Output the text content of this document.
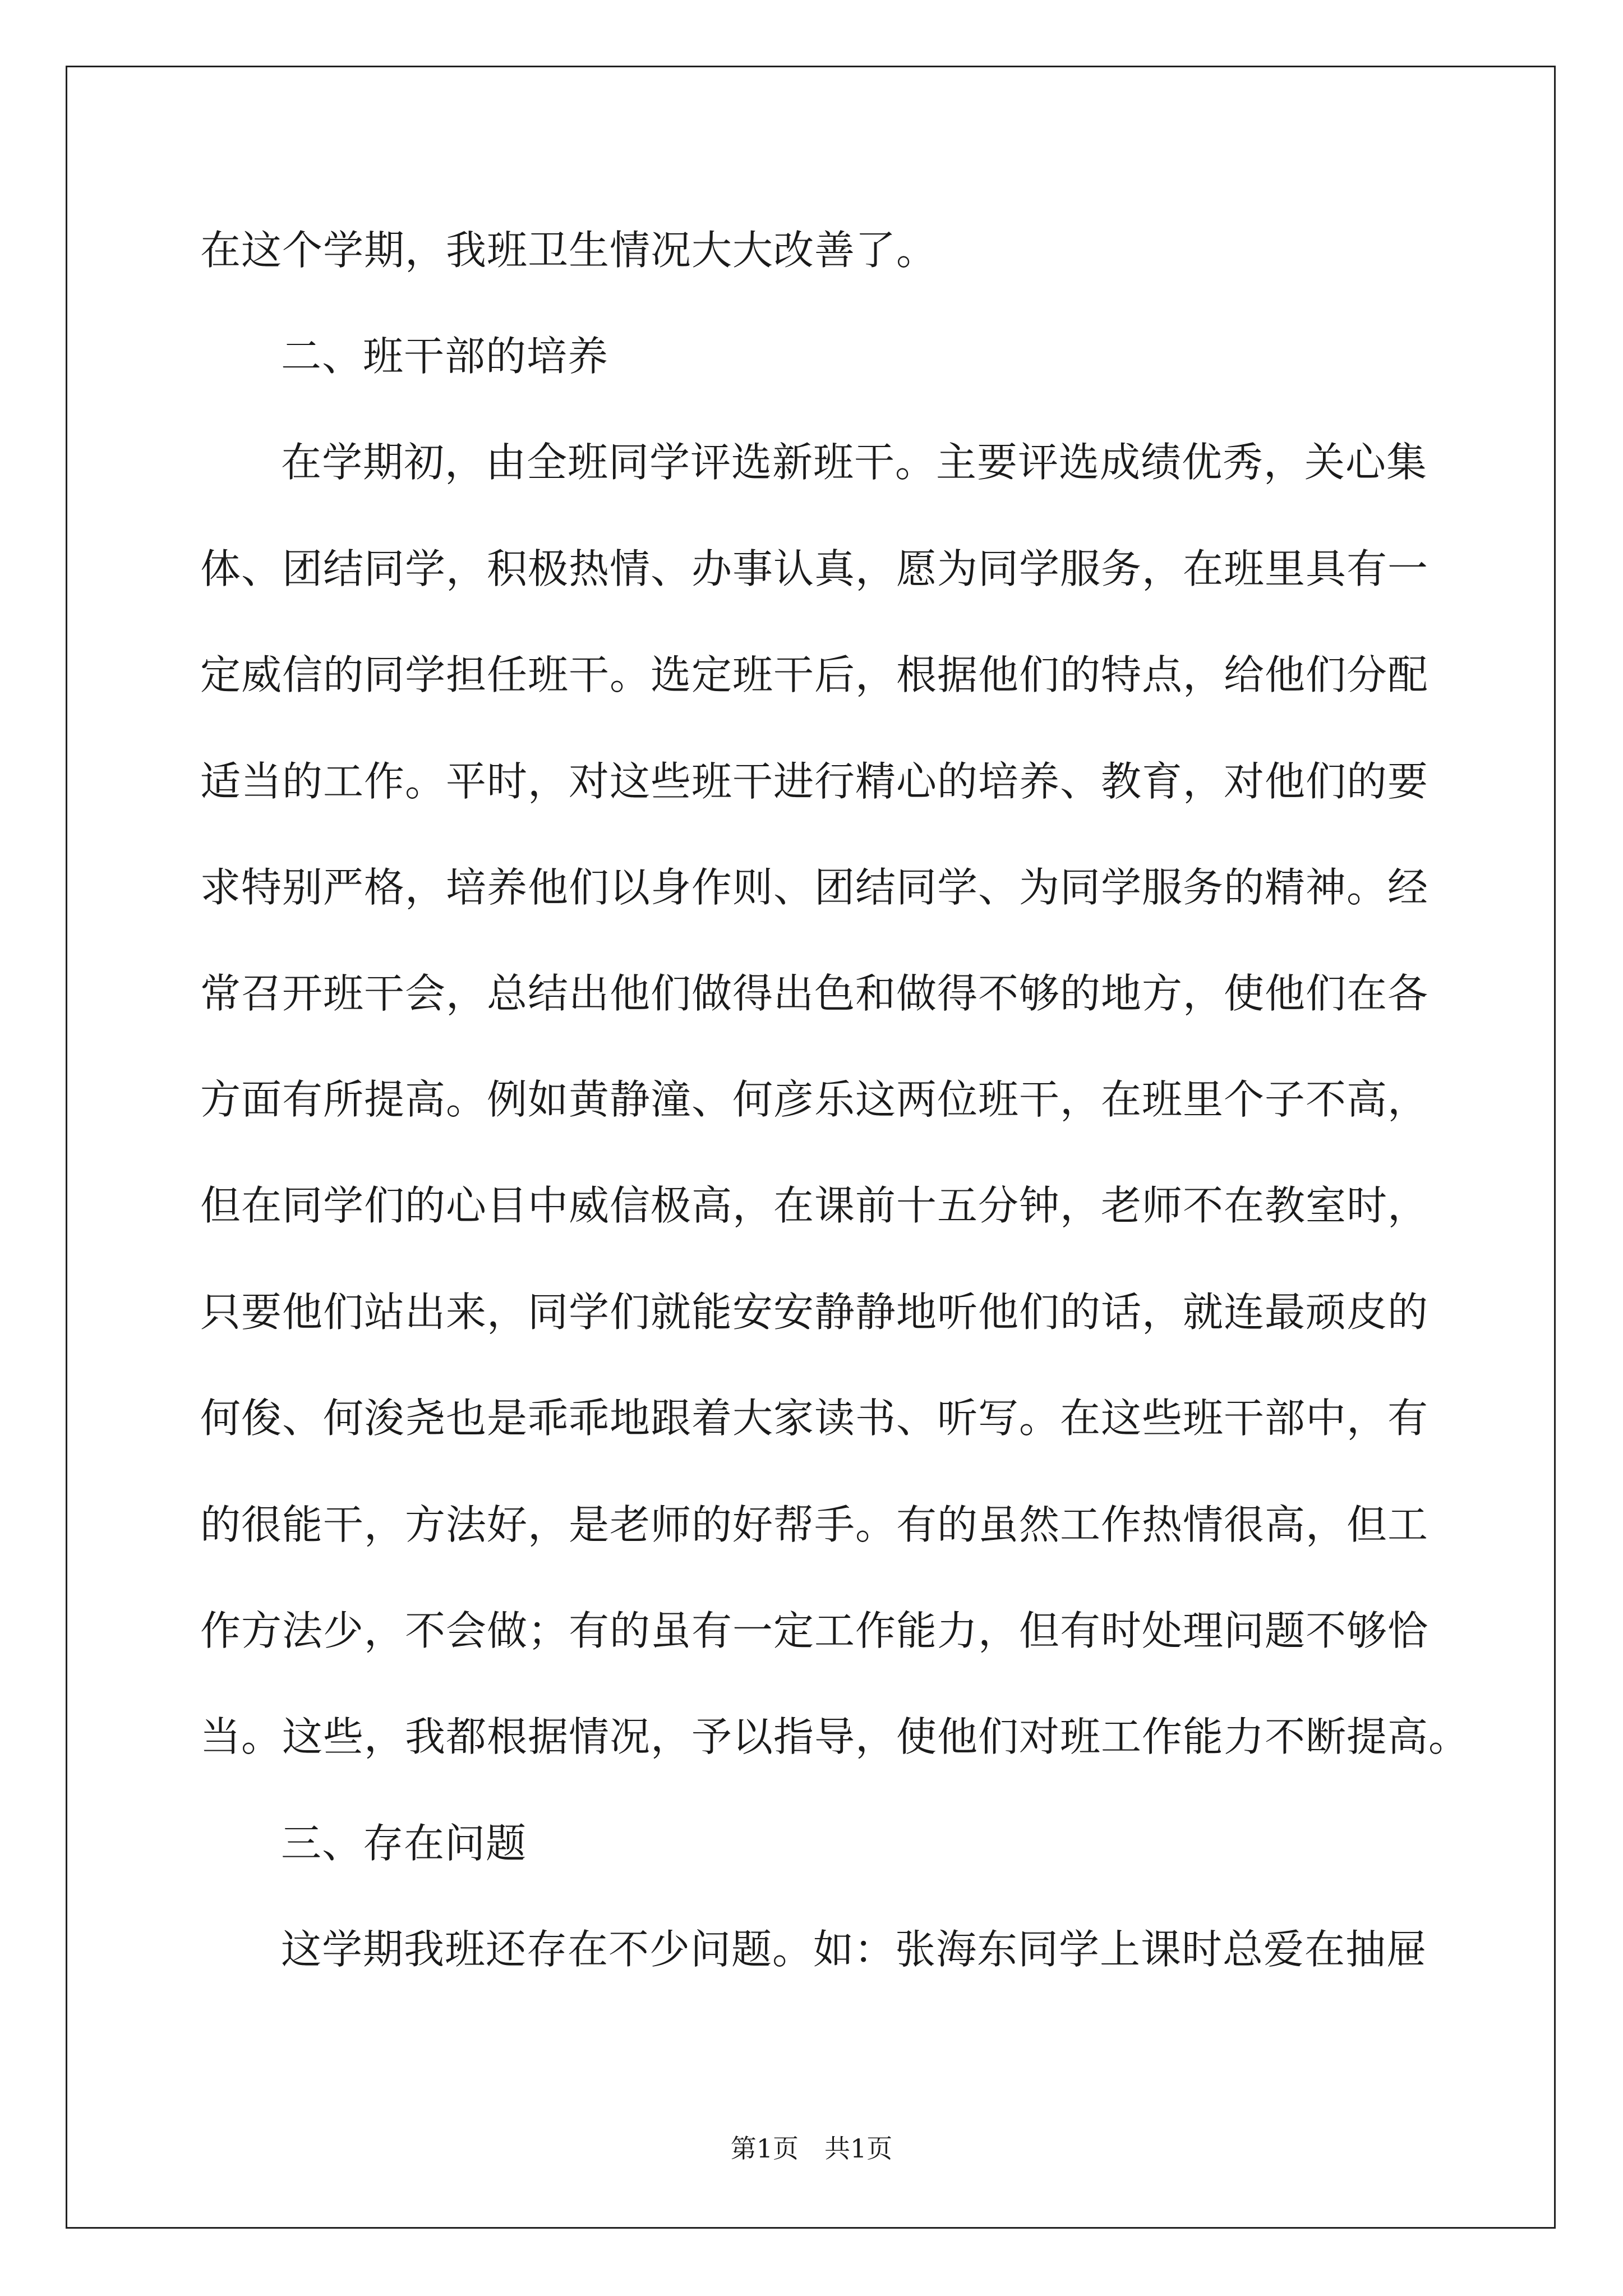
在这个学期，我班卫生情况大大改善了。
二、班干部的培养
在学期初，由全班同学评选新班干。主要评选成绩优秀，关心集
体、团结同学，积极热情、办事认真，愿为同学服务，在班里具有一
定威信的同学担任班干。选定班干后，根据他们的特点，给他们分配
适当的工作。平时，对这些班干进行精心的培养、教育，对他们的要
求特别严格，培养他们以身作则、团结同学、为同学服务的精神。经
常召开班干会，总结出他们做得出色和做得不够的地方，使他们在各
方面有所提高。例如黄静潼、何彦乐这两位班干，在班里个子不高，
但在同学们的心目中威信极高，在课前十五分钟，老师不在教室时，
只要他们站出来，同学们就能安安静静地听他们的话，就连最顽皮的
何俊、何浚尧也是乖乖地跟着大家读书、听写。在这些班干部中，有
的很能干，方法好，是老师的好帮手。有的虽然工作热情很高，但工
作方法少，不会做；有的虽有一定工作能力，但有时处理问题不够恰
当。这些，我都根据情况，予以指导，使他们对班工作能力不断提高。
三、存在问题
这学期我班还存在不少问题。如：张海东同学上课时总爱在抽屉
第1页　共1页
